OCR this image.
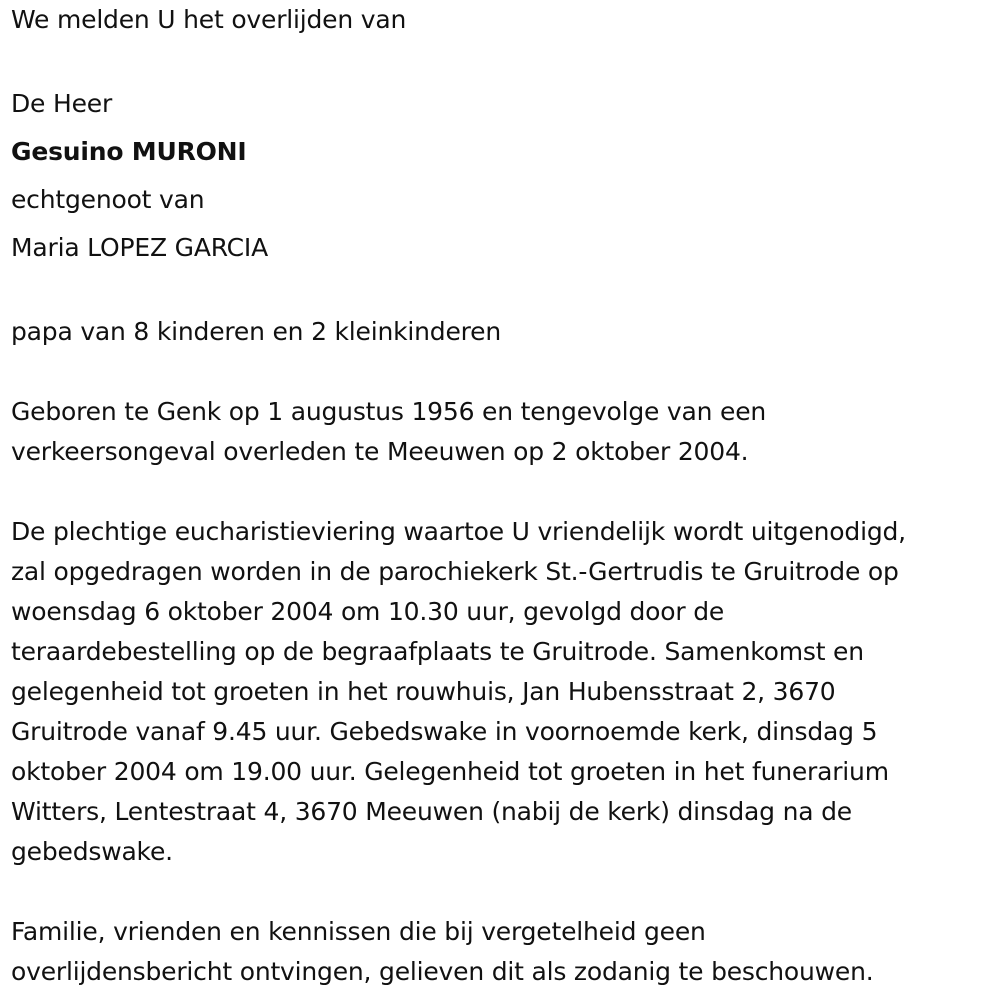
We melden U het overlijden van
De Heer
Gesuino MURONI
echtgenoot van
Maria LOPEZ GARCIA
papa van 8 kinderen en 2 kleinkinderen
Geboren te Genk op 1 augustus 1956 en tengevolge van een
verkeersongeval overleden te Meeuwen op 2 oktober 2004.
De plechtige eucharistieviering waartoe U vriendelijk wordt uitgenodigd,
zal opgedragen worden in de parochiekerk St.-Gertrudis te Gruitrode op
woensdag 6 oktober 2004 om 10.30 uur, gevolgd door de
teraardebestelling op de begraafplaats te Gruitrode. Samenkomst en
gelegenheid tot groeten in het rouwhuis, Jan Hubensstraat 2, 3670
Gruitrode vanaf 9.45 uur. Gebedswake in voornoemde kerk, dinsdag 5
oktober 2004 om 19.00 uur. Gelegenheid tot groeten in het funerarium
Witters, Lentestraat 4, 3670 Meeuwen (nabij de kerk) dinsdag na de
gebedswake.
Familie, vrienden en kennissen die bij vergetelheid geen
overlijdensbericht ontvingen, gelieven dit als zodanig te beschouwen.
